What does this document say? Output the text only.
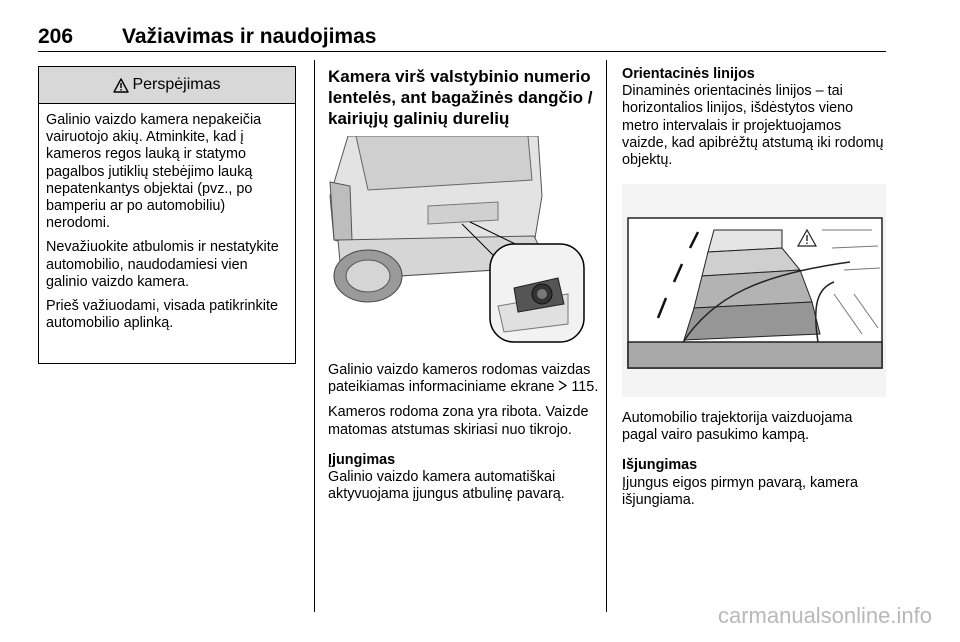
206 Važiavimas ir naudojimas
Perspėjimas

Galinio vaizdo kamera nepakeičia vairuotojo akių. Atminkite, kad į kameros regos lauką ir statymo pagalbos jutiklių stebėjimo lauką nepatenkantys objektai (pvz., po bamperiu ar po automobiliu) nerodomi.

Nevažiuokite atbulomis ir nestatykite automobilio, naudodamiesi vien galinio vaizdo kamera.

Prieš važiuodami, visada patikrinkite automobilio aplinką.

Kamera virš valstybinio numerio lentelės, ant bagažinės dangčio / kairiųjų galinių durelių

Galinio vaizdo kameros rodomas vaizdas pateikiamas informaciniame ekrane 115.

Kameros rodoma zona yra ribota. Vaizde matomas atstumas skiriasi nuo tikrojo.

Įjungimas

Galinio vaizdo kamera automatiškai aktyvuojama įjungus atbulinę pavarą.

Orientacinės linijos

Dinaminės orientacinės linijos – tai horizontalios linijos, išdėstytos vieno metro intervalais ir projektuojamos vaizde, kad apibrėžtų atstumą iki rodomų objektų.

Automobilio trajektorija vaizduojama pagal vairo pasukimo kampą.

Išjungimas

Įjungus eigos pirmyn pavarą, kamera išjungiama.

carmanualsonline.info
